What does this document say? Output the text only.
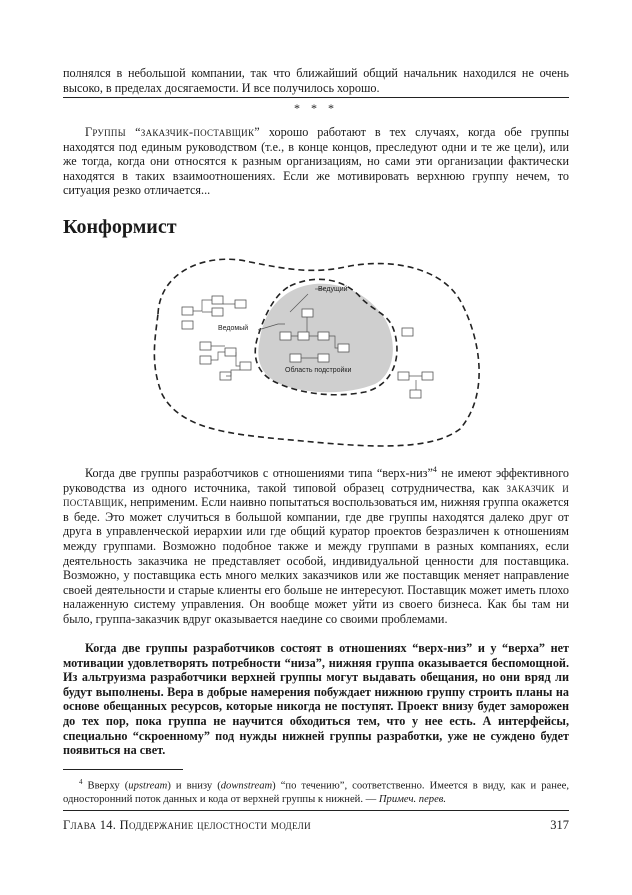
полнялся в небольшой компании, так что ближайший общий начальник находился не очень высоко, в пределах досягаемости. И все получилось хорошо.
* * *
Группы “заказчик-поставщик” хорошо работают в тех случаях, когда обе группы находятся под единым руководством (т.е., в конце концов, преследуют одни и те же цели), или же тогда, когда они относятся к разным организациям, но сами эти организации фактически находятся в таких взаимоотношениях. Если же мотивировать верхнюю группу нечем, то ситуация резко отличается...
Конформист
Ведущий
Ведомый
Область подстройки
Когда две группы разработчиков с отношениями типа “верх-низ”$^4$ не имеют эффективного руководства из одного источника, такой типовой образец сотрудничества, как заказчик и поставщик, неприменим. Если наивно попытаться воспользоваться им, нижняя группа окажется в беде. Это может случиться в большой компании, где две группы находятся далеко друг от друга в управленческой иерархии или где общий куратор проектов безразличен к отношениям между группами. Возможно подобное также и между группами в разных компаниях, если деятельность заказчика не представляет особой, индивидуальной ценности для поставщика. Возможно, у поставщика есть много мелких заказчиков или же поставщик меняет направление своей деятельности и старые клиенты его больше не интересуют. Поставщик может иметь плохо налаженную систему управления. Он вообще может уйти из своего бизнеса. Как бы там ни было, группа-заказчик вдруг оказывается наедине со своими проблемами.
Когда две группы разработчиков состоят в отношениях “верх-низ” и у “верха” нет мотивации удовлетворять потребности “низа”, нижняя группа оказывается беспомощной. Из альтруизма разработчики верхней группы могут выдавать обещания, но они вряд ли будут выполнены. Вера в добрые намерения побуждает нижнюю группу строить планы на основе обещанных ресурсов, которые никогда не поступят. Проект внизу будет заморожен до тех пор, пока группа не научится обходиться тем, что у нее есть. А интерфейсы, специально “скроенному” под нужды нижней группы разработки, уже не суждено будет появиться на свет.
$^4$ Вверху (upstream) и внизу (downstream) “по течению”, соответственно. Имеется в виду, как и ранее, односторонний поток данных и кода от верхней группы к нижней. — Примеч. перев.
Глава 14. Поддержание целостности модели	317
